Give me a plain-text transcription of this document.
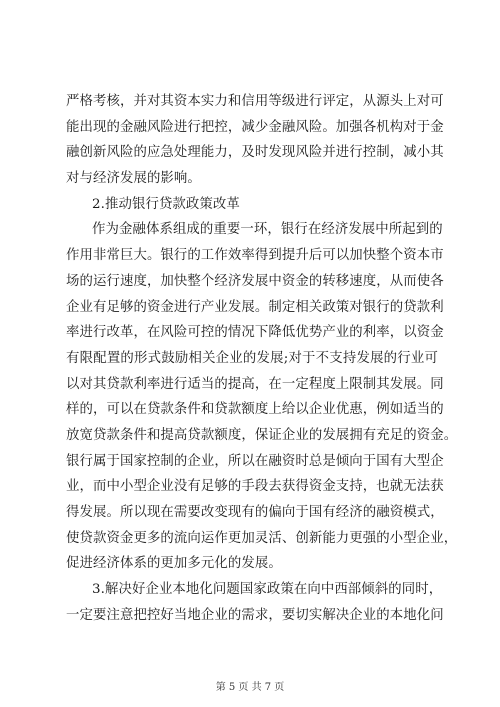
严格考核，并对其资本实力和信用等级进行评定，从源头上对可
能出现的金融风险进行把控，减少金融风险。加强各机构对于金
融创新风险的应急处理能力，及时发现风险并进行控制，减小其
对与经济发展的影响。
2.推动银行贷款政策改革
作为金融体系组成的重要一环，银行在经济发展中所起到的
作用非常巨大。银行的工作效率得到提升后可以加快整个资本市
场的运行速度，加快整个经济发展中资金的转移速度，从而使各
企业有足够的资金进行产业发展。制定相关政策对银行的贷款利
率进行改革，在风险可控的情况下降低优势产业的利率，以资金
有限配置的形式鼓励相关企业的发展;对于不支持发展的行业可
以对其贷款利率进行适当的提高，在一定程度上限制其发展。同
样的，可以在贷款条件和贷款额度上给以企业优惠，例如适当的
放宽贷款条件和提高贷款额度，保证企业的发展拥有充足的资金。
银行属于国家控制的企业，所以在融资时总是倾向于国有大型企
业，而中小型企业没有足够的手段去获得资金支持，也就无法获
得发展。所以现在需要改变现有的偏向于国有经济的融资模式，
使贷款资金更多的流向运作更加灵活、创新能力更强的小型企业，
促进经济体系的更加多元化的发展。
3.解决好企业本地化问题国家政策在向中西部倾斜的同时，
一定要注意把控好当地企业的需求，要切实解决企业的本地化问
第 5 页 共 7 页
